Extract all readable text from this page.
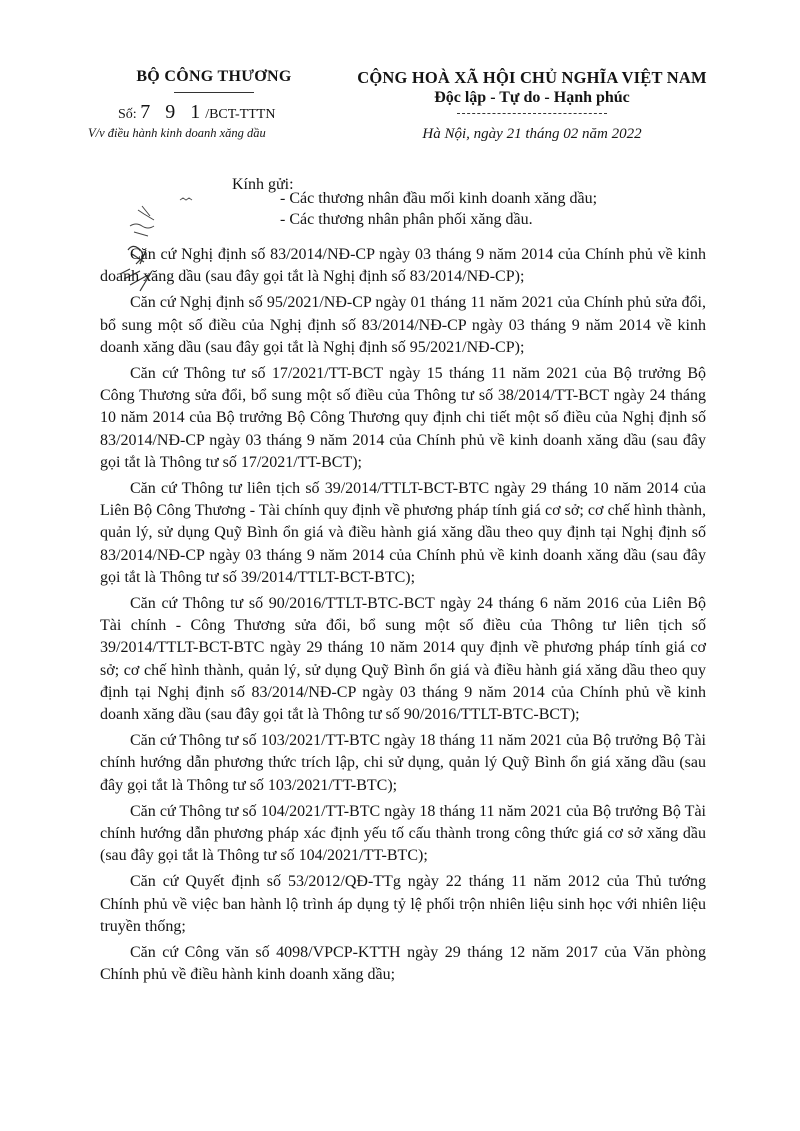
BỘ CÔNG THƯƠNG
Số: 7 9 1/BCT-TTTN
V/v điều hành kinh doanh xăng dầu
CỘNG HOÀ XÃ HỘI CHỦ NGHĨA VIỆT NAM
Độc lập - Tự do - Hạnh phúc
Hà Nội, ngày 21 tháng 02 năm 2022
Kính gửi:
- Các thương nhân đầu mối kinh doanh xăng dầu;
- Các thương nhân phân phối xăng dầu.

Căn cứ Nghị định số 83/2014/NĐ-CP ngày 03 tháng 9 năm 2014 của Chính phủ về kinh doanh xăng dầu (sau đây gọi tắt là Nghị định số 83/2014/NĐ-CP);

Căn cứ Nghị định số 95/2021/NĐ-CP ngày 01 tháng 11 năm 2021 của Chính phủ sửa đổi, bổ sung một số điều của Nghị định số 83/2014/NĐ-CP ngày 03 tháng 9 năm 2014 về kinh doanh xăng dầu (sau đây gọi tắt là Nghị định số 95/2021/NĐ-CP);

Căn cứ Thông tư số 17/2021/TT-BCT ngày 15 tháng 11 năm 2021 của Bộ trưởng Bộ Công Thương sửa đổi, bổ sung một số điều của Thông tư số 38/2014/TT-BCT ngày 24 tháng 10 năm 2014 của Bộ trưởng Bộ Công Thương quy định chi tiết một số điều của Nghị định số 83/2014/NĐ-CP ngày 03 tháng 9 năm 2014 của Chính phủ về kinh doanh xăng dầu (sau đây gọi tắt là Thông tư số 17/2021/TT-BCT);

Căn cứ Thông tư liên tịch số 39/2014/TTLT-BCT-BTC ngày 29 tháng 10 năm 2014 của Liên Bộ Công Thương - Tài chính quy định về phương pháp tính giá cơ sở; cơ chế hình thành, quản lý, sử dụng Quỹ Bình ổn giá và điều hành giá xăng dầu theo quy định tại Nghị định số 83/2014/NĐ-CP ngày 03 tháng 9 năm 2014 của Chính phủ về kinh doanh xăng dầu (sau đây gọi tắt là Thông tư số 39/2014/TTLT-BCT-BTC);

Căn cứ Thông tư số 90/2016/TTLT-BTC-BCT ngày 24 tháng 6 năm 2016 của Liên Bộ Tài chính - Công Thương sửa đổi, bổ sung một số điều của Thông tư liên tịch số 39/2014/TTLT-BCT-BTC ngày 29 tháng 10 năm 2014 quy định về phương pháp tính giá cơ sở; cơ chế hình thành, quản lý, sử dụng Quỹ Bình ổn giá và điều hành giá xăng dầu theo quy định tại Nghị định số 83/2014/NĐ-CP ngày 03 tháng 9 năm 2014 của Chính phủ về kinh doanh xăng dầu (sau đây gọi tắt là Thông tư số 90/2016/TTLT-BTC-BCT);

Căn cứ Thông tư số 103/2021/TT-BTC ngày 18 tháng 11 năm 2021 của Bộ trưởng Bộ Tài chính hướng dẫn phương thức trích lập, chi sử dụng, quản lý Quỹ Bình ổn giá xăng dầu (sau đây gọi tắt là Thông tư số 103/2021/TT-BTC);

Căn cứ Thông tư số 104/2021/TT-BTC ngày 18 tháng 11 năm 2021 của Bộ trưởng Bộ Tài chính hướng dẫn phương pháp xác định yếu tố cấu thành trong công thức giá cơ sở xăng dầu (sau đây gọi tắt là Thông tư số 104/2021/TT-BTC);

Căn cứ Quyết định số 53/2012/QĐ-TTg ngày 22 tháng 11 năm 2012 của Thủ tướng Chính phủ về việc ban hành lộ trình áp dụng tỷ lệ phối trộn nhiên liệu sinh học với nhiên liệu truyền thống;

Căn cứ Công văn số 4098/VPCP-KTTH ngày 29 tháng 12 năm 2017 của Văn phòng Chính phủ về điều hành kinh doanh xăng dầu;
